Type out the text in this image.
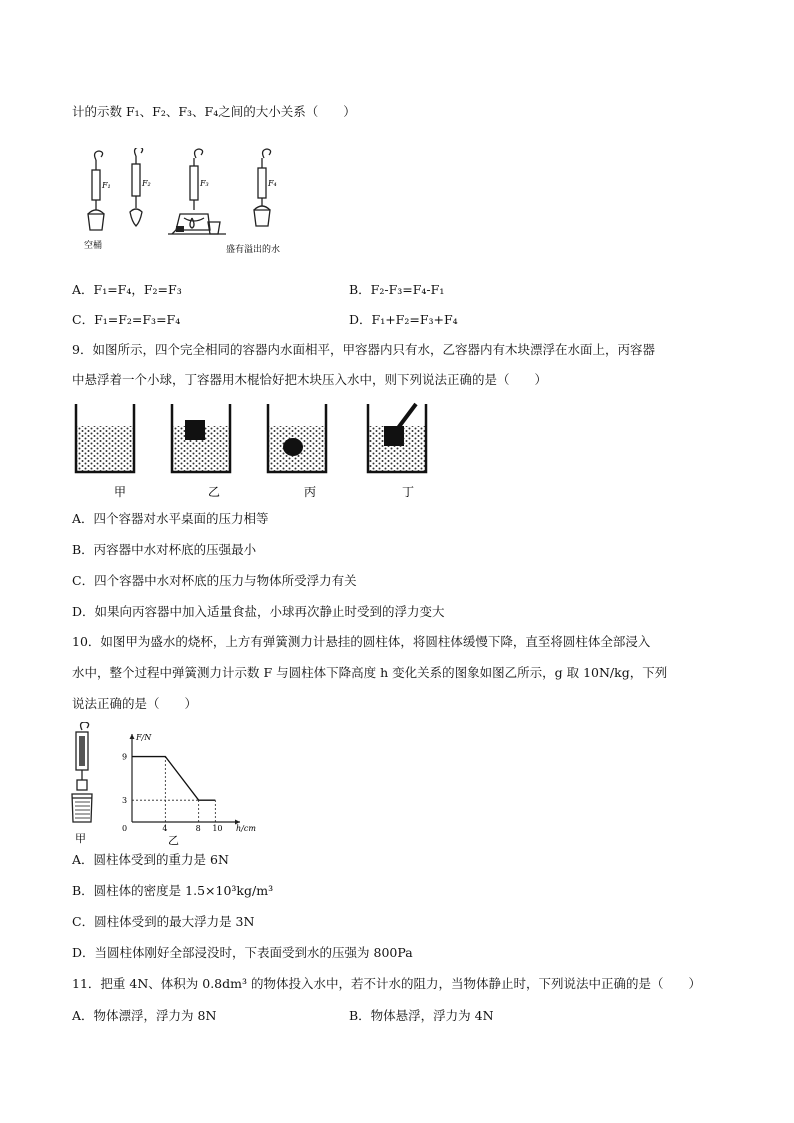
计的示数 F₁、F₂、F₃、F₄之间的大小关系（　　）
F₁	F₂	F₃	F₄
空桶	盛有溢出的水
A．F₁=F₄，F₂=F₃	B．F₂-F₃=F₄-F₁
C．F₁=F₂=F₃=F₄	D．F₁+F₂=F₃+F₄
9．如图所示，四个完全相同的容器内水面相平，甲容器内只有水，乙容器内有木块漂浮在水面上，丙容器
中悬浮着一个小球，丁容器用木棍恰好把木块压入水中，则下列说法正确的是（　　）
甲	乙	丙	丁
A．四个容器对水平桌面的压力相等
B．丙容器中水对杯底的压强最小
C．四个容器中水对杯底的压力与物体所受浮力有关
D．如果向丙容器中加入适量食盐，小球再次静止时受到的浮力变大
10．如图甲为盛水的烧杯，上方有弹簧测力计悬挂的圆柱体，将圆柱体缓慢下降，直至将圆柱体全部浸入
水中，整个过程中弹簧测力计示数 F 与圆柱体下降高度 h 变化关系的图象如图乙所示，g 取 10N/kg，下列
说法正确的是（　　）
甲	乙
F/N
h/cm
0	4	8 10
3
9
A．圆柱体受到的重力是 6N
B．圆柱体的密度是 1.5×10³kg/m³
C．圆柱体受到的最大浮力是 3N
D．当圆柱体刚好全部浸没时，下表面受到水的压强为 800Pa
11．把重 4N、体积为 0.8dm³ 的物体投入水中，若不计水的阻力，当物体静止时，下列说法中正确的是（　　）
A．物体漂浮，浮力为 8N	B．物体悬浮，浮力为 4N
